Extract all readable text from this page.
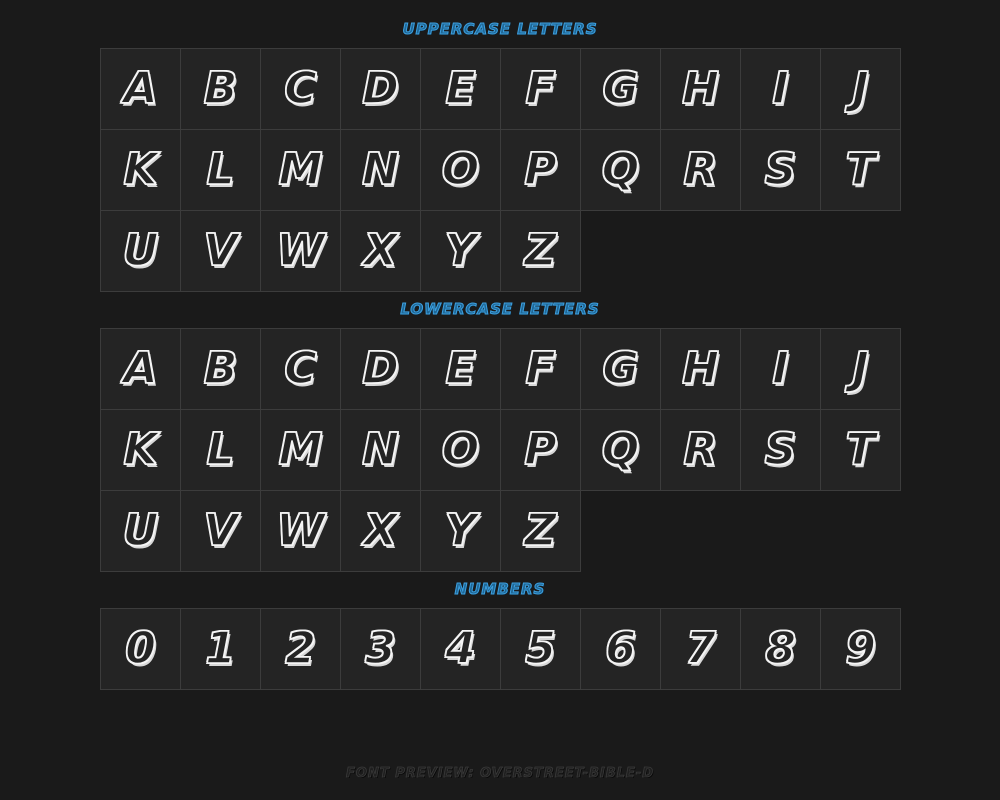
UPPERCASE LETTERS
A B C D E F G H I J
K L M N O P Q R S T
U V W X Y Z
LOWERCASE LETTERS
A B C D E F G H I J
K L M N O P Q R S T
U V W X Y Z
NUMBERS
0 1 2 3 4 5 6 7 8 9
FONT PREVIEW: OVERSTREET-BIBLE-D
